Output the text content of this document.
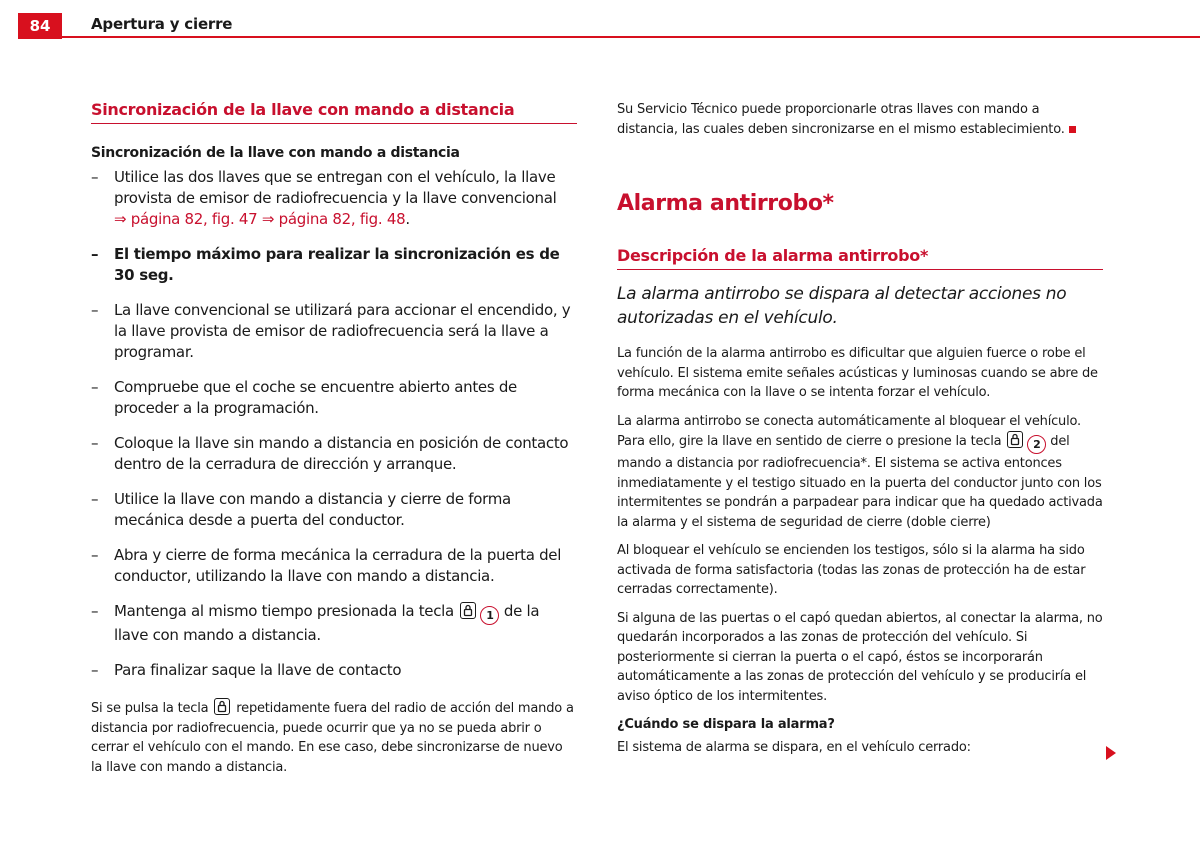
84	Apertura y cierre
Sincronización de la llave con mando a distancia

Sincronización de la llave con mando a distancia

– Utilice las dos llaves que se entregan con el vehículo, la llave provista de emisor de radiofrecuencia y la llave convencional
⇒ página 82, fig. 47 ⇒ página 82, fig. 48.
– El tiempo máximo para realizar la sincronización es de 30 seg.
– La llave convencional se utilizará para accionar el encendido, y la llave provista de emisor de radiofrecuencia será la llave a programar.
– Compruebe que el coche se encuentre abierto antes de proceder a la programación.
– Coloque la llave sin mando a distancia en posición de contacto dentro de la cerradura de dirección y arranque.
– Utilice la llave con mando a distancia y cierre de forma mecánica desde a puerta del conductor.
– Abra y cierre de forma mecánica la cerradura de la puerta del conductor, utilizando la llave con mando a distancia.
– Mantenga al mismo tiempo presionada la tecla	1 de la llave con mando a distancia.
– Para finalizar saque la llave de contacto

Si se pulsa la tecla repetidamente fuera del radio de acción del mando a distancia por radiofrecuencia, puede ocurrir que ya no se pueda abrir o cerrar el vehículo con el mando. En ese caso, debe sincronizarse de nuevo la llave con mando a distancia.

Su Servicio Técnico puede proporcionarle otras llaves con mando a distancia, las cuales deben sincronizarse en el mismo establecimiento.

Alarma antirrobo*
Descripción de la alarma antirrobo*

La alarma antirrobo se dispara al detectar acciones no autorizadas en el vehículo.

La función de la alarma antirrobo es dificultar que alguien fuerce o robe el vehículo. El sistema emite señales acústicas y luminosas cuando se abre de forma mecánica con la llave o se intenta forzar el vehículo.

La alarma antirrobo se conecta automáticamente al bloquear el vehículo. Para ello, gire la llave en sentido de cierre o presione la tecla	2 del mando a distancia por radiofrecuencia*. El sistema se activa entonces inmediatamente y el testigo situado en la puerta del conductor junto con los intermitentes se pondrán a parpadear para indicar que ha quedado activada la alarma y el sistema de seguridad de cierre (doble cierre)

Al bloquear el vehículo se encienden los testigos, sólo si la alarma ha sido activada de forma satisfactoria (todas las zonas de protección ha de estar cerradas correctamente).

Si alguna de las puertas o el capó quedan abiertos, al conectar la alarma, no quedarán incorporados a las zonas de protección del vehículo. Si posteriormente si cierran la puerta o el capó, éstos se incorporarán automáticamente a las zonas de protección del vehículo y se produciría el aviso óptico de los intermitentes.

¿Cuándo se dispara la alarma?

El sistema de alarma se dispara, en el vehículo cerrado:
